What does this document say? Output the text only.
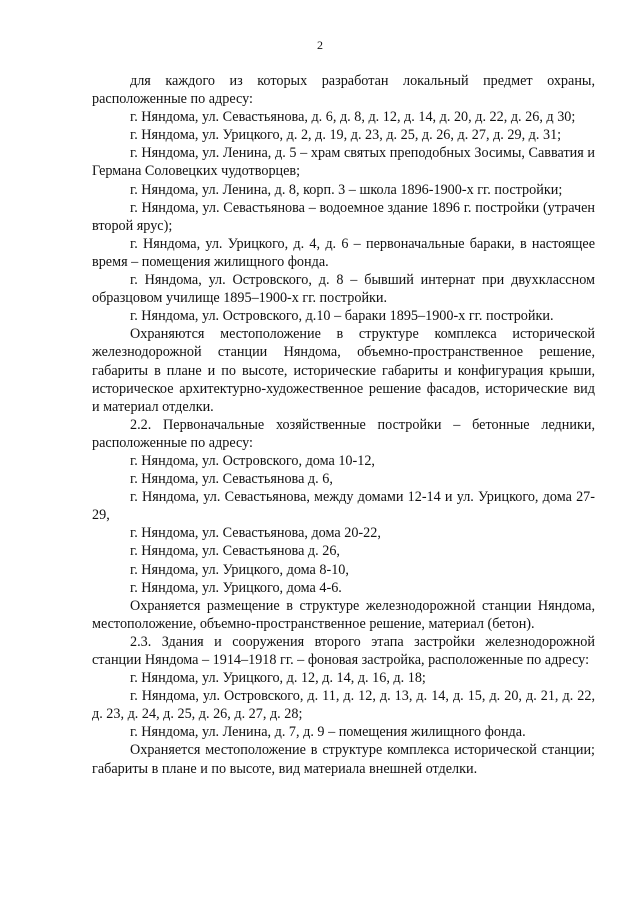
2

для каждого из которых разработан локальный предмет охраны, расположенные по адресу:

г. Няндома, ул. Севастьянова, д. 6, д. 8, д. 12, д. 14, д. 20, д. 22, д. 26, д 30;

г. Няндома, ул. Урицкого, д. 2, д. 19, д. 23, д. 25, д. 26, д. 27, д. 29, д. 31;

г. Няндома, ул. Ленина, д. 5 – храм святых преподобных Зосимы, Савватия и Германа Соловецких чудотворцев;

г. Няндома, ул. Ленина, д. 8, корп. 3 – школа 1896-1900-х гг. постройки;

г. Няндома, ул. Севастьянова – водоемное здание 1896 г. постройки (утрачен второй ярус);

г. Няндома, ул. Урицкого, д. 4, д. 6 – первоначальные бараки, в настоящее время – помещения жилищного фонда.

г. Няндома, ул. Островского, д. 8 – бывший интернат при двухклассном образцовом училище 1895–1900-х гг. постройки.

г. Няндома, ул. Островского, д.10 – бараки 1895–1900-х гг. постройки.

Охраняются местоположение в структуре комплекса исторической железнодорожной станции Няндома, объемно-пространственное решение, габариты в плане и по высоте, исторические габариты и конфигурация крыши, историческое архитектурно-художественное решение фасадов, исторические вид и материал отделки.

2.2. Первоначальные хозяйственные постройки – бетонные ледники, расположенные по адресу:

г. Няндома, ул. Островского, дома 10-12,

г. Няндома, ул. Севастьянова д. 6,

г. Няндома, ул. Севастьянова, между домами 12-14 и ул. Урицкого, дома 27-29,

г. Няндома, ул. Севастьянова, дома 20-22,

г. Няндома, ул. Севастьянова д. 26,

г. Няндома, ул. Урицкого, дома 8-10,

г. Няндома, ул. Урицкого, дома 4-6.

Охраняется размещение в структуре железнодорожной станции Няндома, местоположение, объемно-пространственное решение, материал (бетон).

2.3. Здания и сооружения второго этапа застройки железнодорожной станции Няндома – 1914–1918 гг. – фоновая застройка, расположенные по адресу:

г. Няндома, ул. Урицкого, д. 12, д. 14, д. 16, д. 18;

г. Няндома, ул. Островского, д. 11, д. 12, д. 13, д. 14, д. 15, д. 20, д. 21, д. 22, д. 23, д. 24, д. 25, д. 26, д. 27, д. 28;

г. Няндома, ул. Ленина, д. 7, д. 9 – помещения жилищного фонда.

Охраняется местоположение в структуре комплекса исторической станции; габариты в плане и по высоте, вид материала внешней отделки.
